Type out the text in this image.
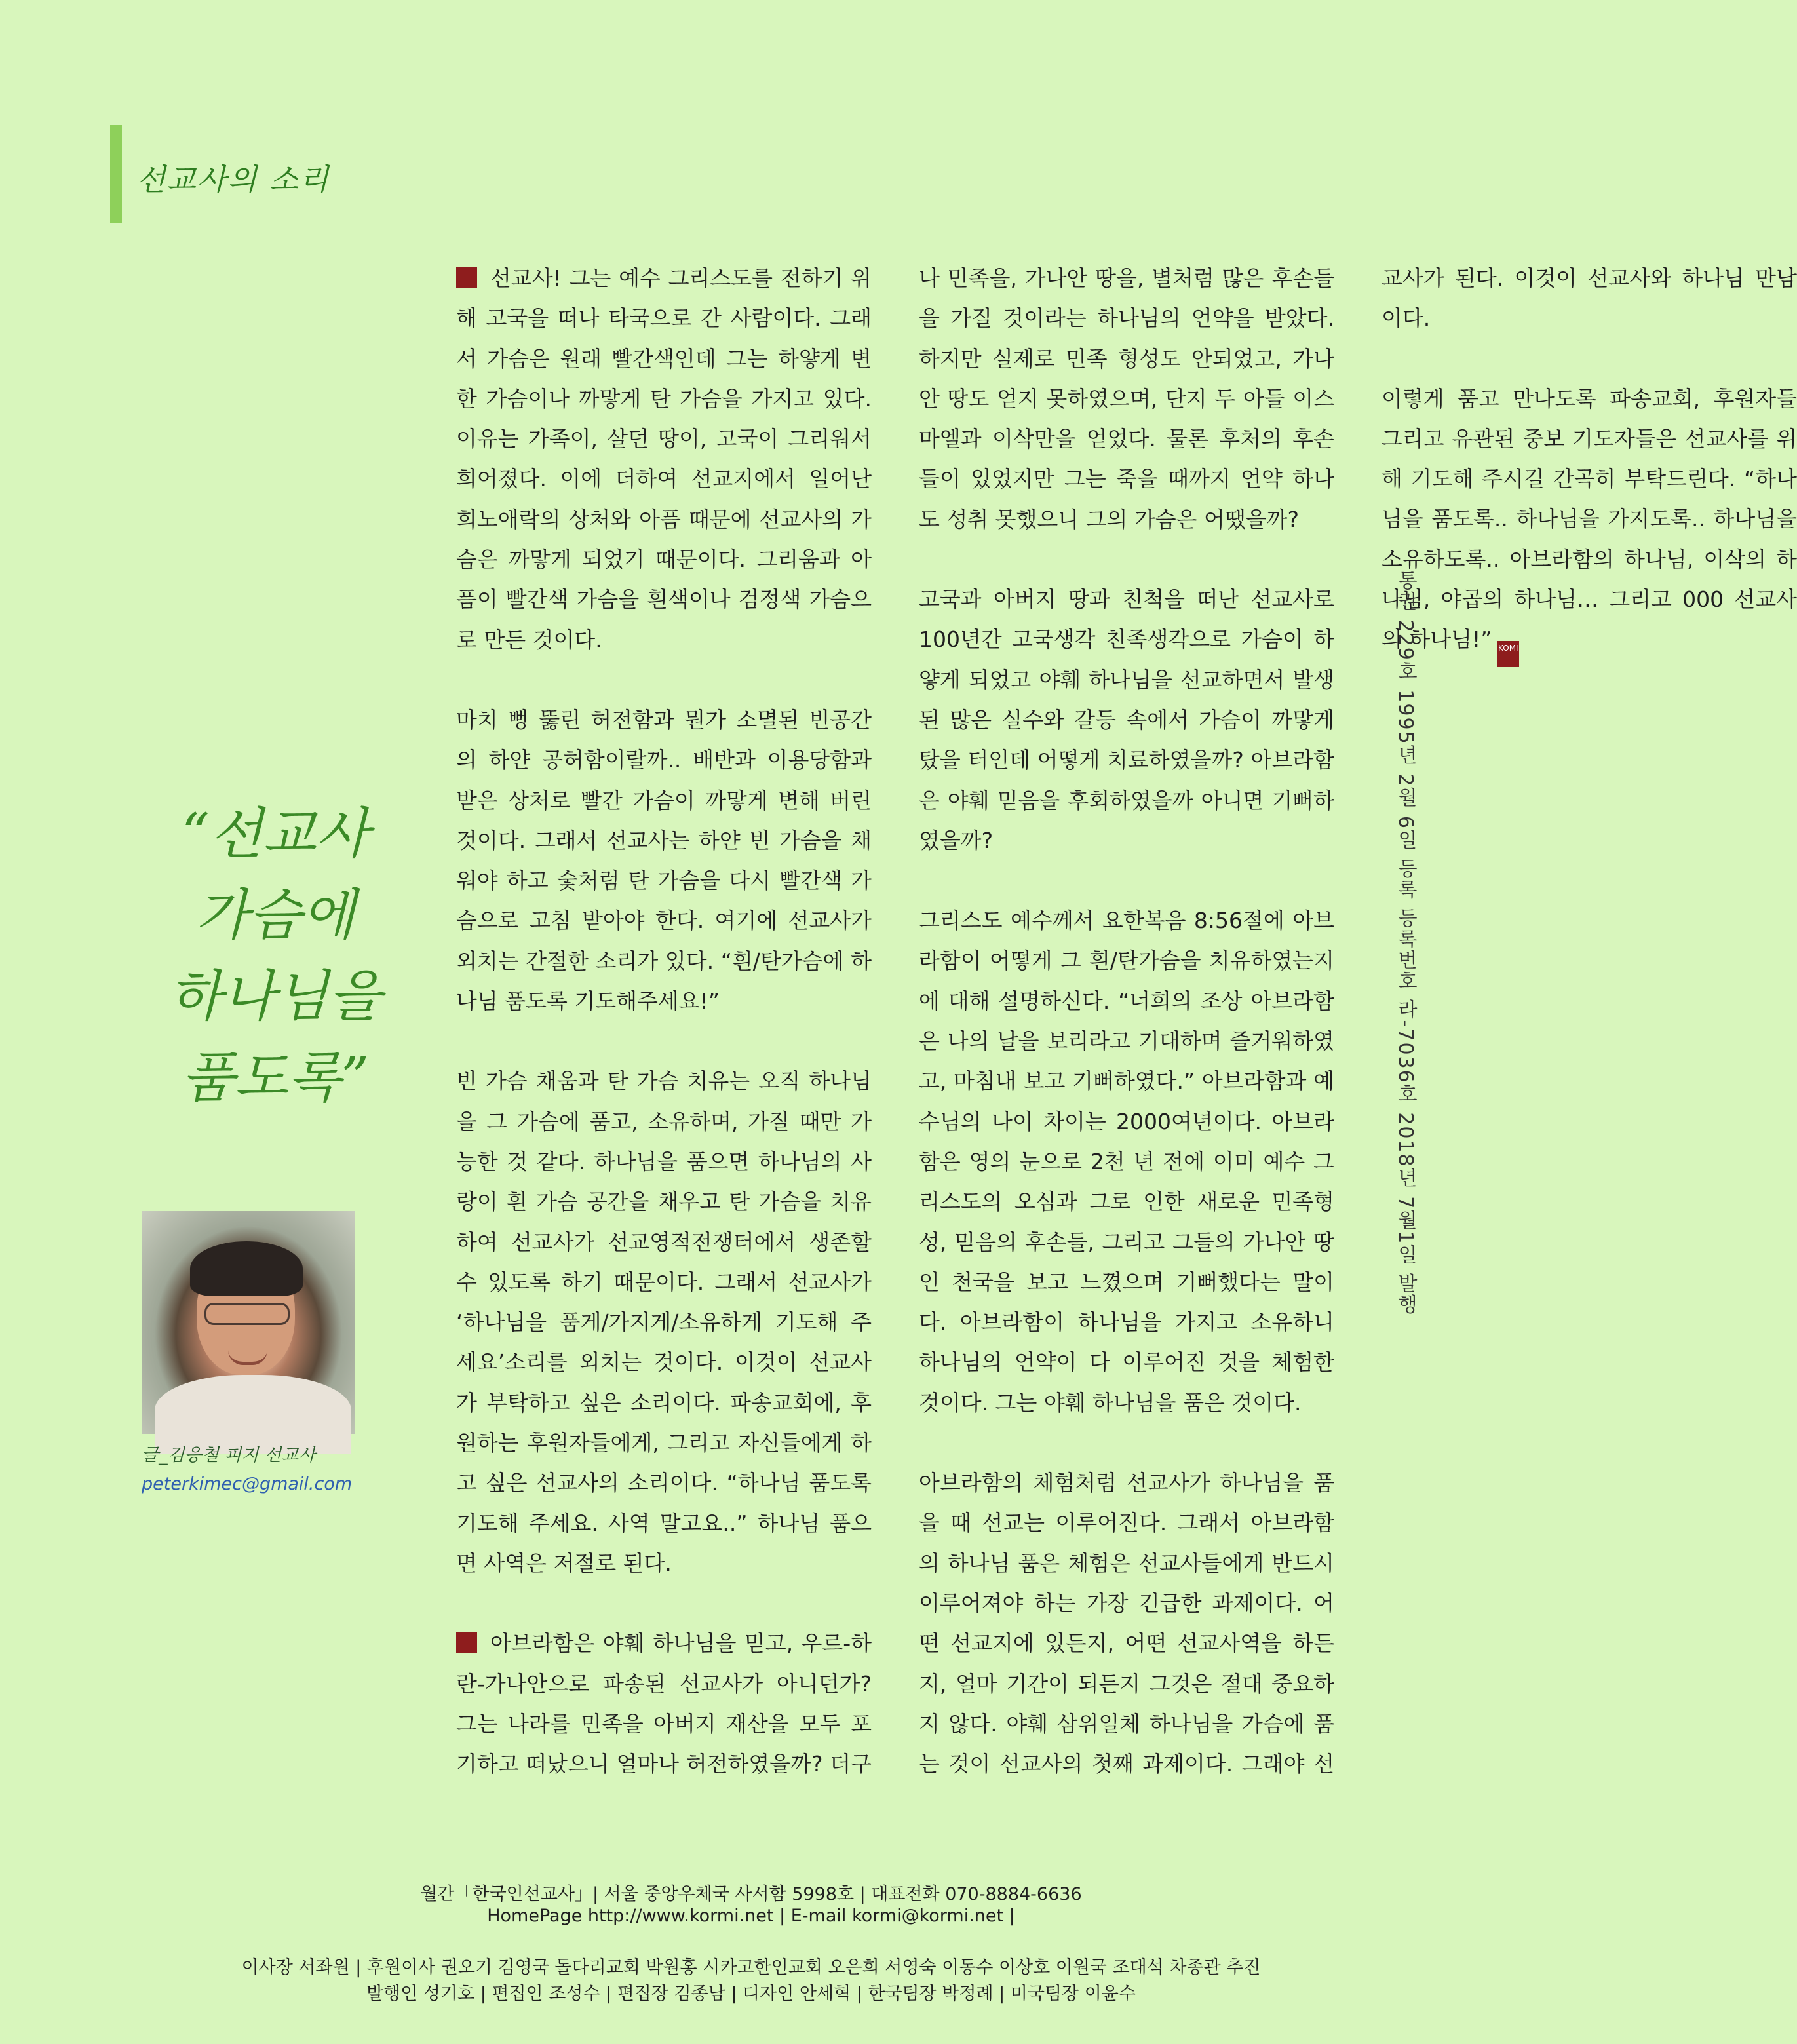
선교사의 소리
“선교사
가슴에
하나님을
품도록”
글_김응철 피지 선교사
peterkimec@gmail.com

선교사! 그는 예수 그리스도를 전하기 위해 고국을 떠나 타국으로 간 사람이다. 그래서 가슴은 원래 빨간색인데 그는 하얗게 변한 가슴이나 까맣게 탄 가슴을 가지고 있다. 이유는 가족이, 살던 땅이, 고국이 그리워서 희어졌다. 이에 더하여 선교지에서 일어난 희노애락의 상처와 아픔 때문에 선교사의 가슴은 까맣게 되었기 때문이다. 그리움과 아픔이 빨간색 가슴을 흰색이나 검정색 가슴으로 만든 것이다.

마치 뻥 뚫린 허전함과 뭔가 소멸된 빈공간의 하얀 공허함이랄까.. 배반과 이용당함과 받은 상처로 빨간 가슴이 까맣게 변해 버린 것이다. 그래서 선교사는 하얀 빈 가슴을 채워야 하고 숯처럼 탄 가슴을 다시 빨간색 가슴으로 고침 받아야 한다. 여기에 선교사가 외치는 간절한 소리가 있다. “흰/탄가슴에 하나님 품도록 기도해주세요!”

빈 가슴 채움과 탄 가슴 치유는 오직 하나님을 그 가슴에 품고, 소유하며, 가질 때만 가능한 것 같다. 하나님을 품으면 하나님의 사랑이 흰 가슴 공간을 채우고 탄 가슴을 치유하여 선교사가 선교영적전쟁터에서 생존할 수 있도록 하기 때문이다. 그래서 선교사가 ‘하나님을 품게/가지게/소유하게 기도해 주세요’소리를 외치는 것이다. 이것이 선교사가 부탁하고 싶은 소리이다. 파송교회에, 후원하는 후원자들에게, 그리고 자신들에게 하고 싶은 선교사의 소리이다. “하나님 품도록 기도해 주세요. 사역 말고요..” 하나님 품으면 사역은 저절로 된다.

아브라함은 야훼 하나님을 믿고, 우르-하란-가나안으로 파송된 선교사가 아니던가? 그는 나라를 민족을 아버지 재산을 모두 포기하고 떠났으니 얼마나 허전하였을까? 더구나 민족을, 가나안 땅을, 별처럼 많은 후손들을 가질 것이라는 하나님의 언약을 받았다. 하지만 실제로 민족 형성도 안되었고, 가나안 땅도 얻지 못하였으며, 단지 두 아들 이스마엘과 이삭만을 얻었다. 물론 후처의 후손들이 있었지만 그는 죽을 때까지 언약 하나도 성취 못했으니 그의 가슴은 어땠을까?

고국과 아버지 땅과 친척을 떠난 선교사로 100년간 고국생각 친족생각으로 가슴이 하얗게 되었고 야훼 하나님을 선교하면서 발생된 많은 실수와 갈등 속에서 가슴이 까맣게 탔을 터인데 어떻게 치료하였을까? 아브라함은 야훼 믿음을 후회하였을까 아니면 기뻐하였을까?

그리스도 예수께서 요한복음 8:56절에 아브라함이 어떻게 그 흰/탄가슴을 치유하였는지에 대해 설명하신다. “너희의 조상 아브라함은 나의 날을 보리라고 기대하며 즐거워하였고, 마침내 보고 기뻐하였다.” 아브라함과 예수님의 나이 차이는 2000여년이다. 아브라함은 영의 눈으로 2천 년 전에 이미 예수 그리스도의 오심과 그로 인한 새로운 민족형성, 믿음의 후손들, 그리고 그들의 가나안 땅인 천국을 보고 느꼈으며 기뻐했다는 말이다. 아브라함이 하나님을 가지고 소유하니 하나님의 언약이 다 이루어진 것을 체험한 것이다. 그는 야훼 하나님을 품은 것이다.

아브라함의 체험처럼 선교사가 하나님을 품을 때 선교는 이루어진다. 그래서 아브라함의 하나님 품은 체험은 선교사들에게 반드시 이루어져야 하는 가장 긴급한 과제이다. 어떤 선교지에 있든지, 어떤 선교사역을 하든지, 얼마 기간이 되든지 그것은 절대 중요하지 않다. 야훼 삼위일체 하나님을 가슴에 품는 것이 선교사의 첫째 과제이다. 그래야 선교사가 된다. 이것이 선교사와 하나님 만남이다.

이렇게 품고 만나도록 파송교회, 후원자들 그리고 유관된 중보 기도자들은 선교사를 위해 기도해 주시길 간곡히 부탁드린다. “하나님을 품도록.. 하나님을 가지도록.. 하나님을 소유하도록.. 아브라함의 하나님, 이삭의 하나님, 야곱의 하나님… 그리고 000 선교사의 하나님!” KOMI

통권 229호 1995년 2월 6일 등록 등록번호 라-7036호 2018년 7월1일 발행
월간「한국인선교사」| 서울 중앙우체국 사서함 5998호 | 대표전화 070-8884-6636
HomePage http://www.kormi.net | E-mail kormi@kormi.net |
이사장 서좌원 | 후원이사 권오기 김영국 돌다리교회 박원홍 시카고한인교회 오은희 서영숙 이동수 이상호 이원국 조대석 차종관 추진
발행인 성기호 | 편집인 조성수 | 편집장 김종남 | 디자인 안세혁 | 한국팀장 박정례 | 미국팀장 이윤수
